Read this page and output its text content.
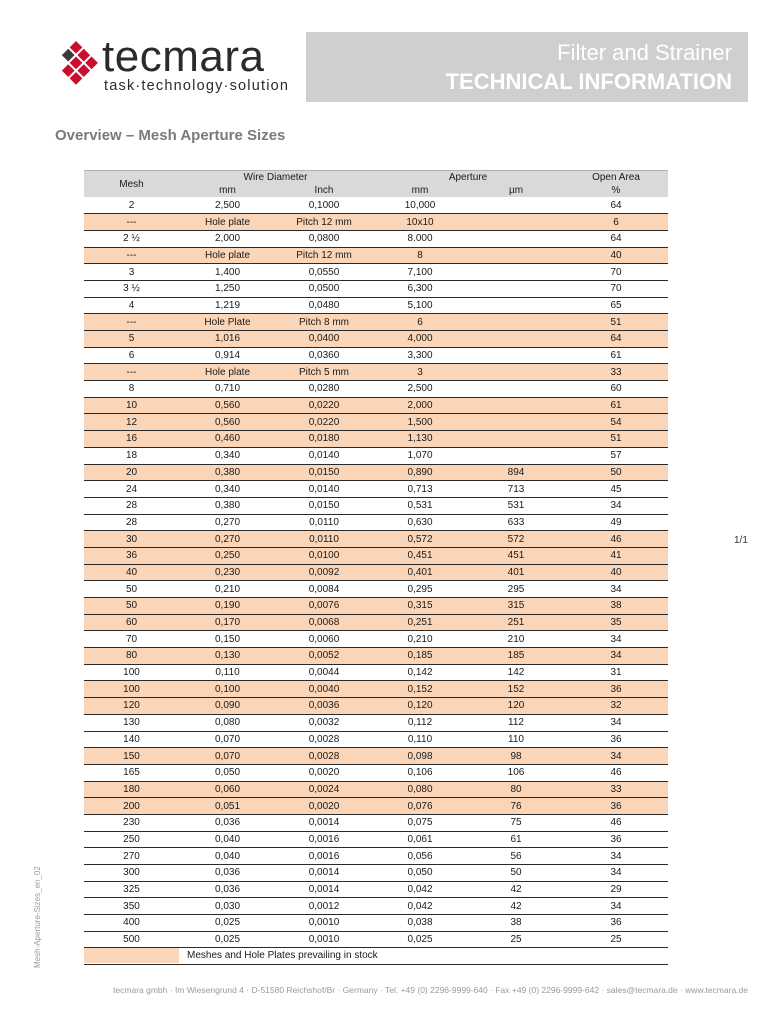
tecmara
task·technology·solution
Filter and Strainer
TECHNICAL INFORMATION
Overview – Mesh Aperture Sizes
Mesh	Wire Diameter		Aperture		Open Area
	mm	Inch	mm	µm	%
2	2,500	0,1000	10,000		64
---	Hole plate	Pitch 12 mm	10x10		6
2 ½	2,000	0,0800	8.000		64
---	Hole plate	Pitch 12 mm	8		40
3	1,400	0,0550	7,100		70
3 ½	1,250	0,0500	6,300		70
4	1,219	0,0480	5,100		65
---	Hole Plate	Pitch 8 mm	6		51
5	1,016	0,0400	4,000		64
6	0,914	0,0360	3,300		61
---	Hole plate	Pitch 5 mm	3		33
8	0,710	0,0280	2,500		60
10	0,560	0,0220	2,000		61
12	0,560	0,0220	1,500		54
16	0,460	0,0180	1,130		51
18	0,340	0,0140	1,070		57
20	0,380	0,0150	0,890	894	50
24	0,340	0,0140	0,713	713	45
28	0,380	0,0150	0,531	531	34
28	0,270	0,0110	0,630	633	49
30	0,270	0,0110	0,572	572	46
36	0,250	0,0100	0,451	451	41
40	0,230	0,0092	0,401	401	40
50	0,210	0,0084	0,295	295	34
50	0,190	0,0076	0,315	315	38
60	0,170	0,0068	0,251	251	35
70	0,150	0,0060	0,210	210	34
80	0,130	0,0052	0,185	185	34
100	0,110	0,0044	0,142	142	31
100	0,100	0,0040	0,152	152	36
120	0,090	0,0036	0,120	120	32
130	0,080	0,0032	0,112	112	34
140	0,070	0,0028	0,110	110	36
150	0,070	0,0028	0,098	98	34
165	0,050	0,0020	0,106	106	46
180	0,060	0,0024	0,080	80	33
200	0,051	0,0020	0,076	76	36
230	0,036	0,0014	0,075	75	46
250	0,040	0,0016	0,061	61	36
270	0,040	0,0016	0,056	56	34
300	0,036	0,0014	0,050	50	34
325	0,036	0,0014	0,042	42	29
350	0,030	0,0012	0,042	42	34
400	0,025	0,0010	0,038	38	36
500	0,025	0,0010	0,025	25	25
Meshes and Hole Plates prevailing in stock
1/1
Mesh-Aperture-Sizes_en_02
tecmara gmbh · Im Wiesengrund 4 · D-51580 Reichshof/Br · Germany · Tel. +49 (0) 2296-9999-640 · Fax +49 (0) 2296-9999-642 · sales@tecmara.de · www.tecmara.de
